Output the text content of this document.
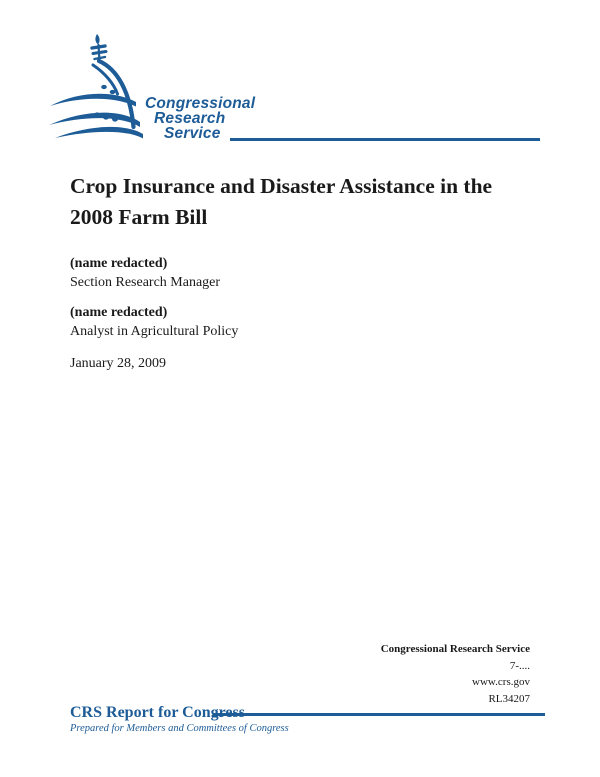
Congressional
Research
Service
Crop Insurance and Disaster Assistance in the
2008 Farm Bill
(name redacted)
Section Research Manager
(name redacted)
Analyst in Agricultural Policy
January 28, 2009
Congressional Research Service
7-....
www.crs.gov
RL34207
CRS Report for Congress
Prepared for Members and Committees of Congress
